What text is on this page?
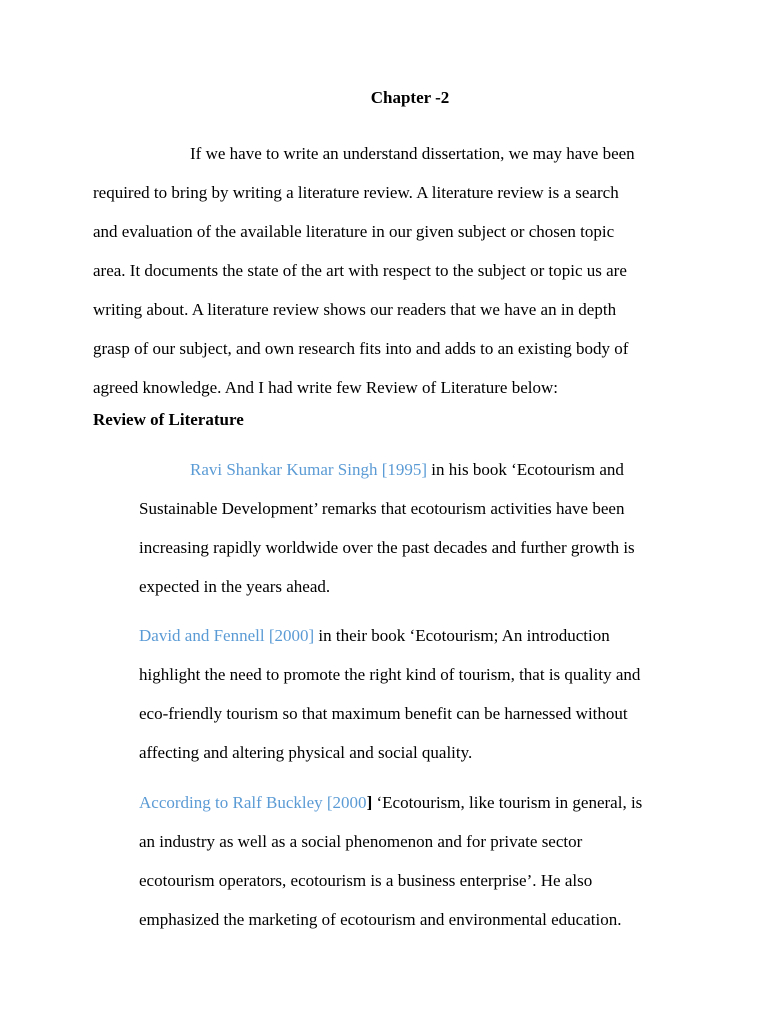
Chapter -2

If we have to write an understand dissertation, we may have been
required to bring by writing a literature review. A literature review is a search
and evaluation of the available literature in our given subject or chosen topic
area. It documents the state of the art with respect to the subject or topic us are
writing about. A literature review shows our readers that we have an in depth
grasp of our subject, and own research fits into and adds to an existing body of
agreed knowledge. And I had write few Review of Literature below:

Review of Literature

Ravi Shankar Kumar Singh [1995] in his book ‘Ecotourism and
Sustainable Development’ remarks that ecotourism activities have been
increasing rapidly worldwide over the past decades and further growth is
expected in the years ahead.

David and Fennell [2000] in their book ‘Ecotourism; An introduction
highlight the need to promote the right kind of tourism, that is quality and
eco-friendly tourism so that maximum benefit can be harnessed without
affecting and altering physical and social quality.

According to Ralf Buckley [2000] ‘Ecotourism, like tourism in general, is
an industry as well as a social phenomenon and for private sector
ecotourism operators, ecotourism is a business enterprise’. He also
emphasized the marketing of ecotourism and environmental education.
